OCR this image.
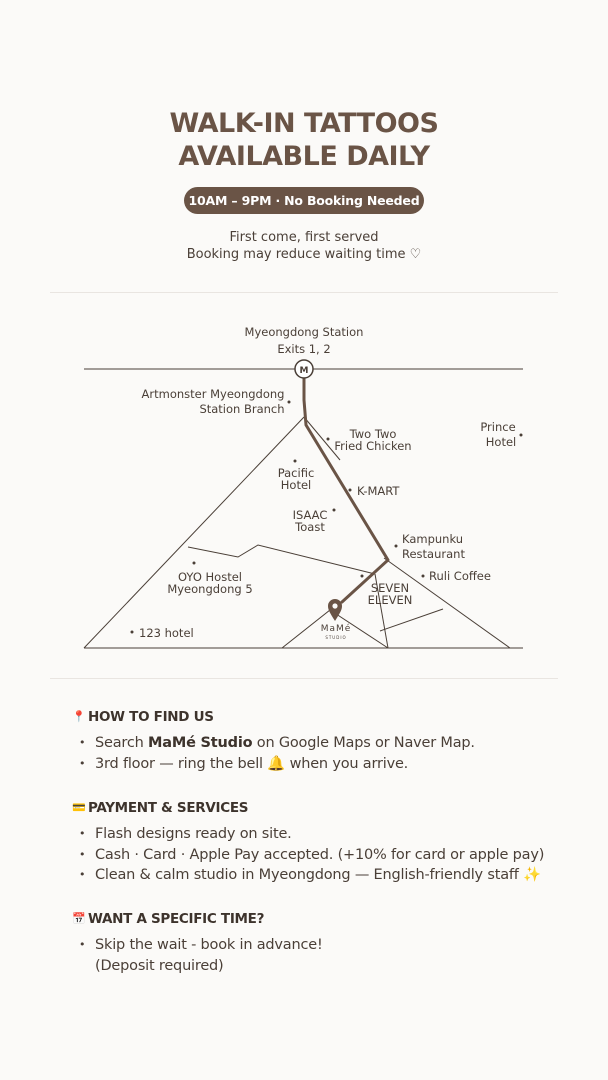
WALK-IN TATTOOS
AVAILABLE DAILY
10AM – 9PM · No Booking Needed
First come, first served
Booking may reduce waiting time ♡
Myeongdong Station
Exits 1, 2
M
Artmonster Myeongdong
Station Branch
Two Two
Fried Chicken
Prince
Hotel
Pacific
Hotel	K-MART
ISAAC
Toast
Kampunku
Restaurant
Ruli Coffee
OYO Hostel
Myeongdong 5	SEVEN
ELEVEN
123 hotel	MaMé
STUDIO
📍 HOW TO FIND US
• Search MaMé Studio on Google Maps or Naver Map.
• 3rd floor — ring the bell 🔔 when you arrive.
💳 PAYMENT & SERVICES
• Flash designs ready on site.
• Cash · Card · Apple Pay accepted. (+10% for card or apple pay)
• Clean & calm studio in Myeongdong — English-friendly staff ✨
📅 WANT A SPECIFIC TIME?
• Skip the wait - book in advance!
(Deposit required)
